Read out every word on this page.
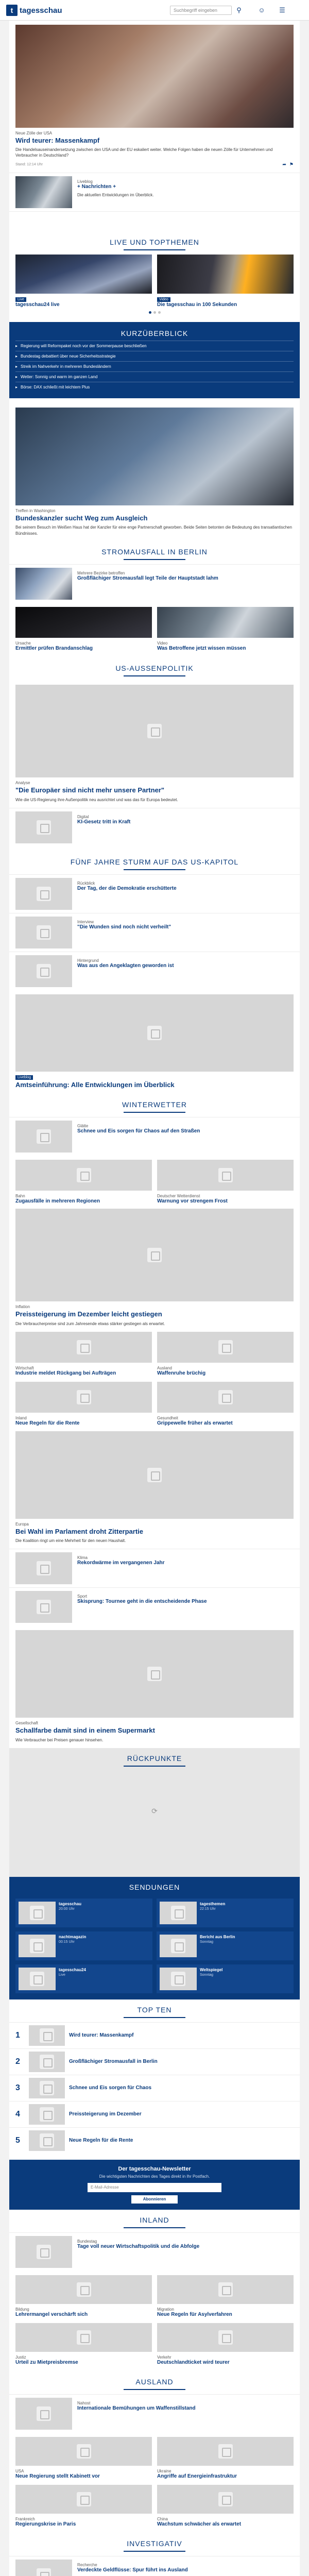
t tagesschau	Suchbegriff eingeben	⚲	☺ ☰
Neue Zölle der USA
Wird teurer: Massenkampf
Die Handelsauseinandersetzung zwischen den USA und der EU eskaliert weiter. Welche Folgen haben die neuen Zölle für Unternehmen und Verbraucher in Deutschland?
Stand: 12:14 Uhr	➦ ⚑
Liveblog
+ Nachrichten +
Die aktuellen Entwicklungen im Überblick.
LIVE UND TOPTHEMEN
Live
tagesschau24 live
Video
Die tagesschau in 100 Sekunden
KURZÜBERBLICK
▸ Regierung will Reformpaket noch vor der Sommerpause beschließen
▸ Bundestag debattiert über neue Sicherheitsstrategie
▸ Streik im Nahverkehr in mehreren Bundesländern
▸ Wetter: Sonnig und warm im ganzen Land
▸ Börse: DAX schließt mit leichtem Plus
Treffen in Washington
Bundeskanzler sucht Weg zum Ausgleich
Bei seinem Besuch im Weißen Haus hat der Kanzler für eine enge Partnerschaft geworben. Beide Seiten betonten die Bedeutung des transatlantischen Bündnisses.
STROMAUSFALL IN BERLIN
Mehrere Bezirke betroffen
Großflächiger Stromausfall legt Teile der Hauptstadt lahm
Ursache
Ermittler prüfen Brandanschlag
Video
Was Betroffene jetzt wissen müssen
US-AUSSENPOLITIK
Analyse
"Die Europäer sind nicht mehr unsere Partner"
Wie die US-Regierung ihre Außenpolitik neu ausrichtet und was das für Europa bedeutet.
Digital
KI-Gesetz tritt in Kraft
FÜNF JAHRE STURM AUF DAS US-KAPITOL
Rückblick
Der Tag, der die Demokratie erschütterte
Interview
"Die Wunden sind noch nicht verheilt"
Hintergrund
Was aus den Angeklagten geworden ist
Liveblog
Amtseinführung: Alle Entwicklungen im Überblick
WINTERWETTER
Glätte
Schnee und Eis sorgen für Chaos auf den Straßen
Bahn
Zugausfälle in mehreren Regionen
Deutscher Wetterdienst
Warnung vor strengem Frost
Inflation
Preissteigerung im Dezember leicht gestiegen
Die Verbraucherpreise sind zum Jahresende etwas stärker gestiegen als erwartet.
Wirtschaft
Industrie meldet Rückgang bei Aufträgen
Ausland
Waffenruhe brüchig
Inland
Neue Regeln für die Rente
Gesundheit
Grippewelle früher als erwartet
Europa
Bei Wahl im Parlament droht Zitterpartie
Die Koalition ringt um eine Mehrheit für den neuen Haushalt.
Klima
Rekordwärme im vergangenen Jahr
Sport
Skisprung: Tournee geht in die entscheidende Phase
Gesellschaft
Schallfarbe damit sind in einem Supermarkt
Wie Verbraucher bei Preisen genauer hinsehen.
RÜCKPUNKTE
⟳
SENDUNGEN
tagesschau
20:00 Uhr
tagesthemen
22:15 Uhr
nachtmagazin
00:15 Uhr
Bericht aus Berlin
Sonntag
tagesschau24
Live
Weltspiegel
Sonntag
TOP TEN
1	Wird teurer: Massenkampf
2	Großflächiger Stromausfall in Berlin
3	Schnee und Eis sorgen für Chaos
4	Preissteigerung im Dezember
5	Neue Regeln für die Rente
Der tagesschau-Newsletter
Die wichtigsten Nachrichten des Tages direkt in Ihr Postfach.
E-Mail-Adresse
Abonnieren
INLAND
Bundestag
Tage voll neuer Wirtschaftspolitik und die Abfolge
Bildung
Lehrermangel verschärft sich
Migration
Neue Regeln für Asylverfahren
Justiz
Urteil zu Mietpreisbremse
Verkehr
Deutschlandticket wird teurer
AUSLAND
Nahost
Internationale Bemühungen um Waffenstillstand
USA
Neue Regierung stellt Kabinett vor
Ukraine
Angriffe auf Energieinfrastruktur
Frankreich
Regierungskrise in Paris
China
Wachstum schwächer als erwartet
INVESTIGATIV
Recherche
Verdeckte Geldflüsse: Spur führt ins Ausland
